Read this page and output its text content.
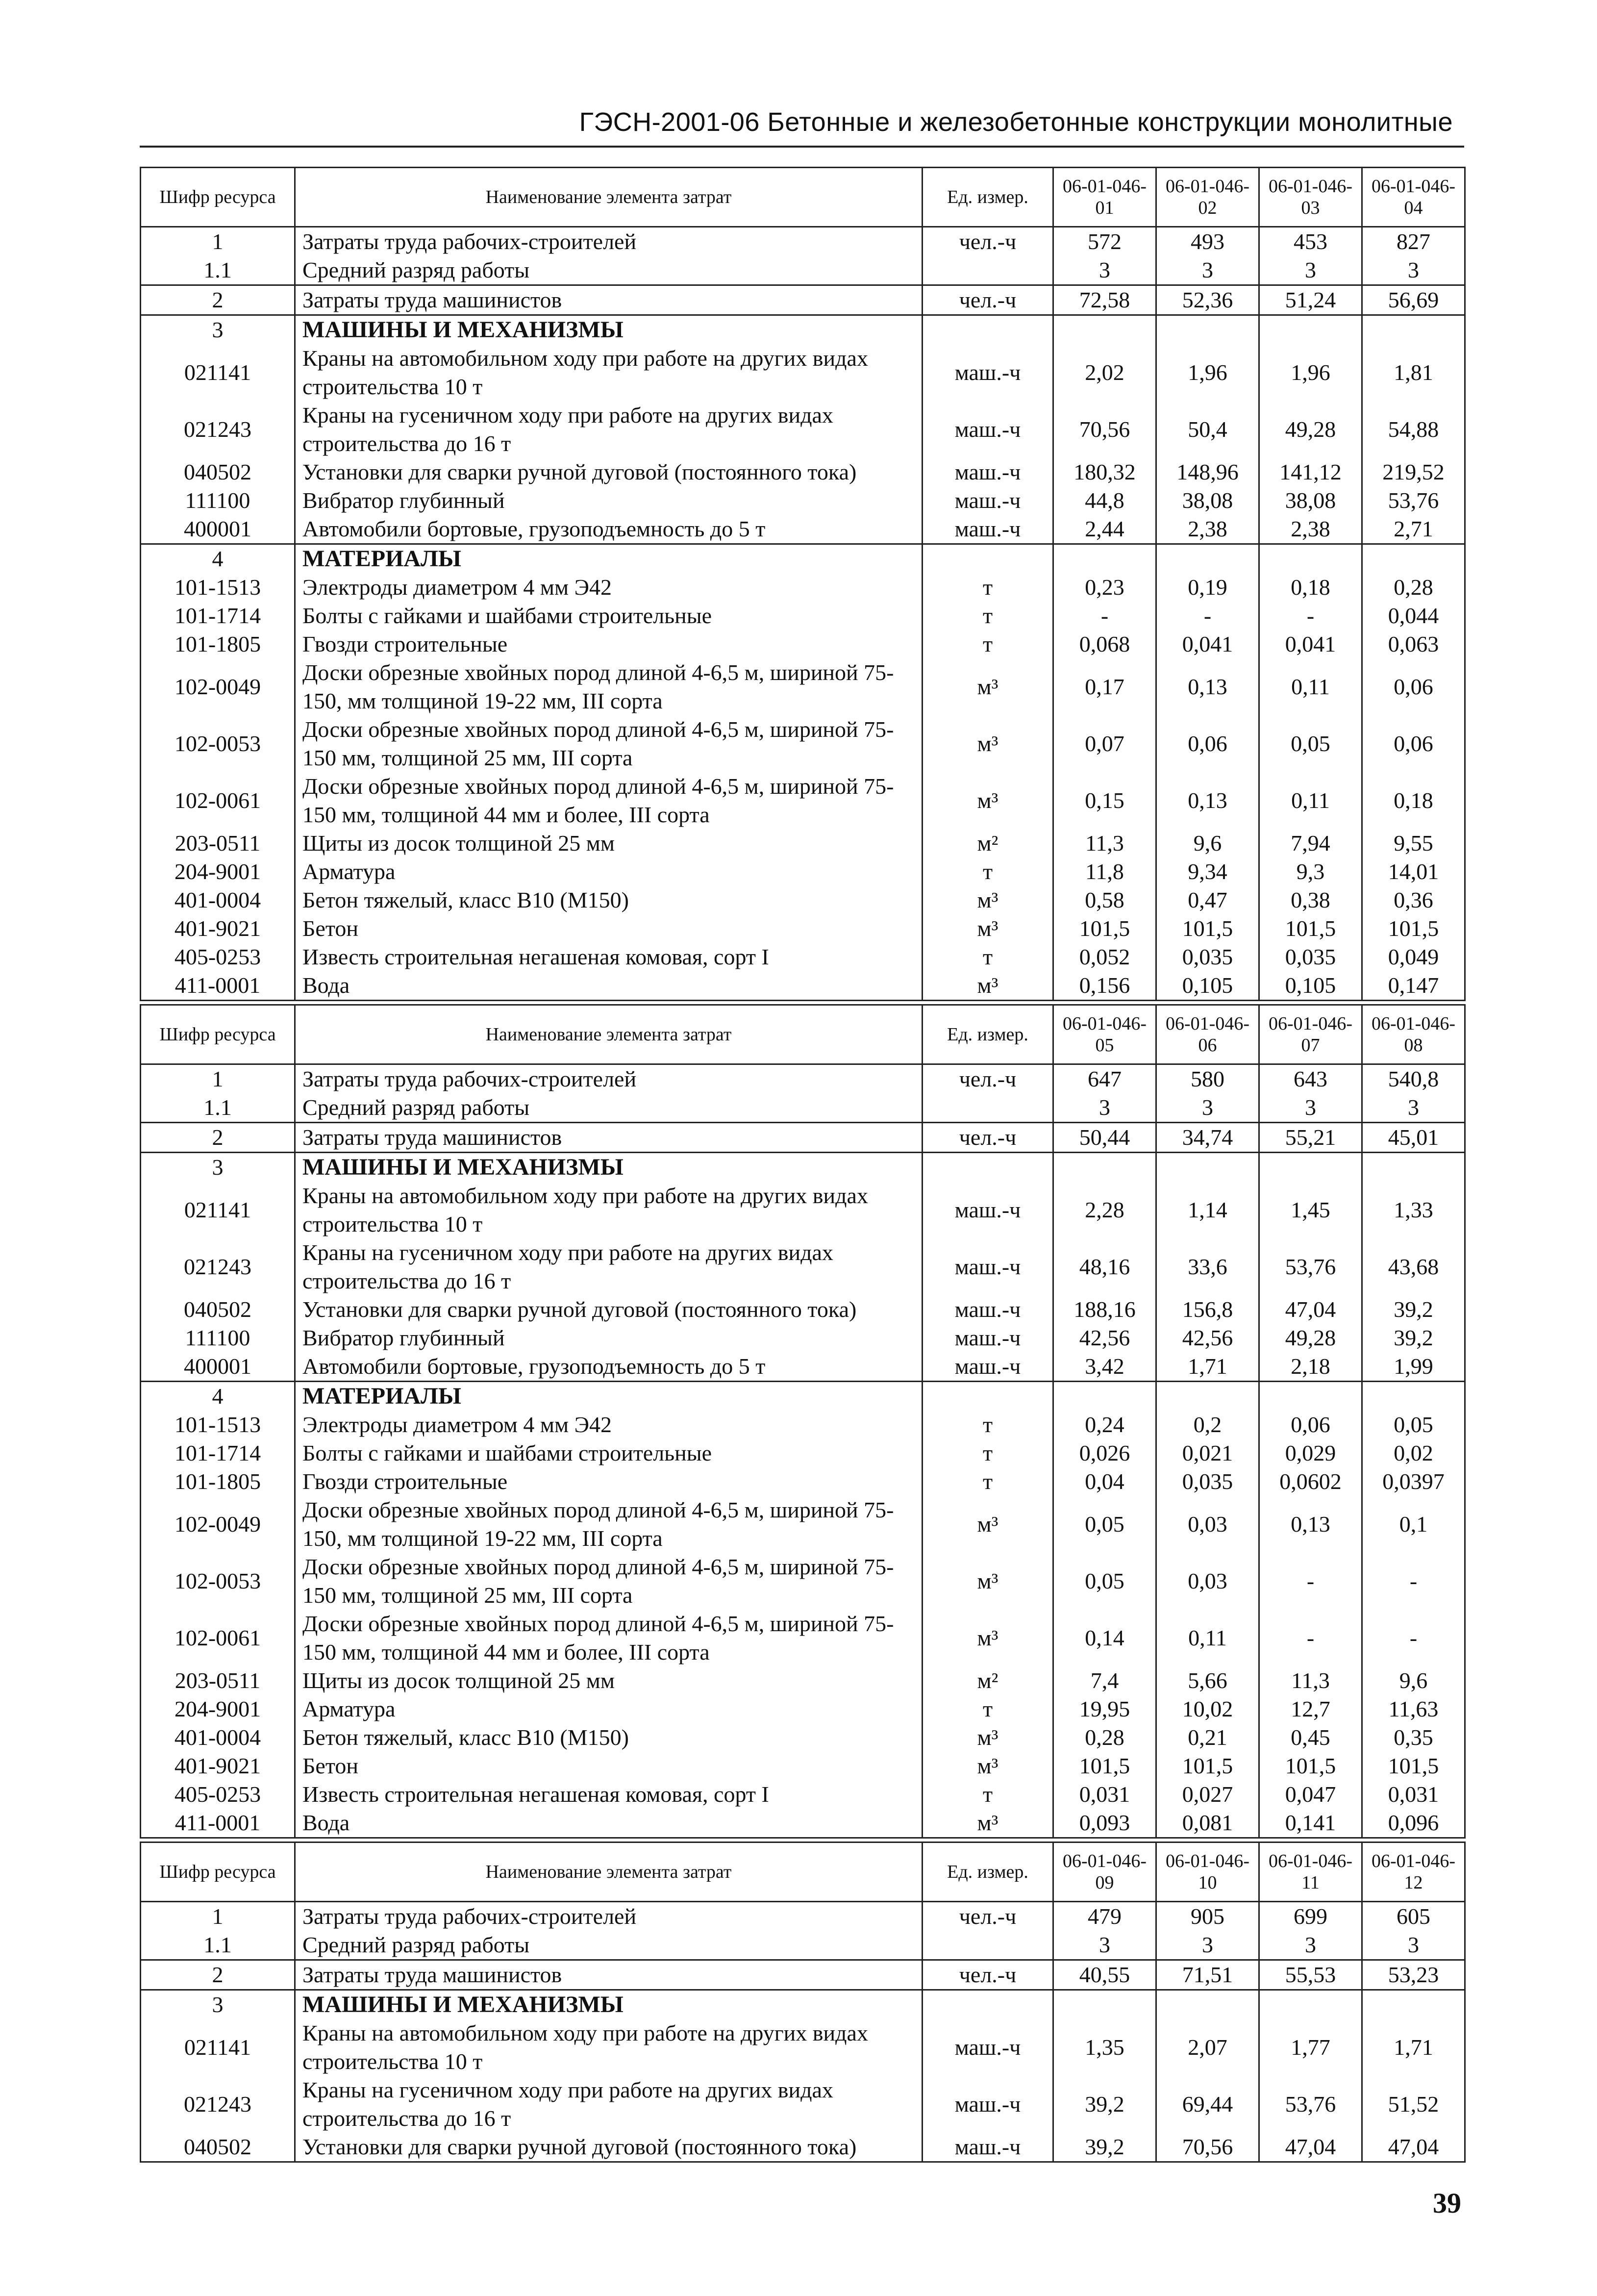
ГЭСН-2001-06 Бетонные и железобетонные конструкции монолитные
Шифр ресурса	Наименование элемента затрат	Ед. измер.	06-01-046-01	06-01-046-02	06-01-046-03	06-01-046-04
1	Затраты труда рабочих-строителей	чел.-ч	572	493	453	827
1.1	Средний разряд работы		3	3	3	3
2	Затраты труда машинистов	чел.-ч	72,58	52,36	51,24	56,69
3	МАШИНЫ И МЕХАНИЗМЫ					
021141	Краны на автомобильном ходу при работе на других видах строительства 10 т	маш.-ч	2,02	1,96	1,96	1,81
021243	Краны на гусеничном ходу при работе на других видах строительства до 16 т	маш.-ч	70,56	50,4	49,28	54,88
040502	Установки для сварки ручной дуговой (постоянного тока)	маш.-ч	180,32	148,96	141,12	219,52
111100	Вибратор глубинный	маш.-ч	44,8	38,08	38,08	53,76
400001	Автомобили бортовые, грузоподъемность до 5 т	маш.-ч	2,44	2,38	2,38	2,71
4	МАТЕРИАЛЫ					
101-1513	Электроды диаметром 4 мм Э42	т	0,23	0,19	0,18	0,28
101-1714	Болты с гайками и шайбами строительные	т	-	-	-	0,044
101-1805	Гвозди строительные	т	0,068	0,041	0,041	0,063
102-0049	Доски обрезные хвойных пород длиной 4-6,5 м, шириной 75-150, мм толщиной 19-22 мм, III сорта	м³	0,17	0,13	0,11	0,06
102-0053	Доски обрезные хвойных пород длиной 4-6,5 м, шириной 75-150 мм, толщиной 25 мм, III сорта	м³	0,07	0,06	0,05	0,06
102-0061	Доски обрезные хвойных пород длиной 4-6,5 м, шириной 75-150 мм, толщиной 44 мм и более, III сорта	м³	0,15	0,13	0,11	0,18
203-0511	Щиты из досок толщиной 25 мм	м²	11,3	9,6	7,94	9,55
204-9001	Арматура	т	11,8	9,34	9,3	14,01
401-0004	Бетон тяжелый, класс В10 (М150)	м³	0,58	0,47	0,38	0,36
401-9021	Бетон	м³	101,5	101,5	101,5	101,5
405-0253	Известь строительная негашеная комовая, сорт I	т	0,052	0,035	0,035	0,049
411-0001	Вода	м³	0,156	0,105	0,105	0,147
Шифр ресурса	Наименование элемента затрат	Ед. измер.	06-01-046-05	06-01-046-06	06-01-046-07	06-01-046-08
1	Затраты труда рабочих-строителей	чел.-ч	647	580	643	540,8
1.1	Средний разряд работы		3	3	3	3
2	Затраты труда машинистов	чел.-ч	50,44	34,74	55,21	45,01
3	МАШИНЫ И МЕХАНИЗМЫ					
021141	Краны на автомобильном ходу при работе на других видах строительства 10 т	маш.-ч	2,28	1,14	1,45	1,33
021243	Краны на гусеничном ходу при работе на других видах строительства до 16 т	маш.-ч	48,16	33,6	53,76	43,68
040502	Установки для сварки ручной дуговой (постоянного тока)	маш.-ч	188,16	156,8	47,04	39,2
111100	Вибратор глубинный	маш.-ч	42,56	42,56	49,28	39,2
400001	Автомобили бортовые, грузоподъемность до 5 т	маш.-ч	3,42	1,71	2,18	1,99
4	МАТЕРИАЛЫ					
101-1513	Электроды диаметром 4 мм Э42	т	0,24	0,2	0,06	0,05
101-1714	Болты с гайками и шайбами строительные	т	0,026	0,021	0,029	0,02
101-1805	Гвозди строительные	т	0,04	0,035	0,0602	0,0397
102-0049	Доски обрезные хвойных пород длиной 4-6,5 м, шириной 75-150, мм толщиной 19-22 мм, III сорта	м³	0,05	0,03	0,13	0,1
102-0053	Доски обрезные хвойных пород длиной 4-6,5 м, шириной 75-150 мм, толщиной 25 мм, III сорта	м³	0,05	0,03	-	-
102-0061	Доски обрезные хвойных пород длиной 4-6,5 м, шириной 75-150 мм, толщиной 44 мм и более, III сорта	м³	0,14	0,11	-	-
203-0511	Щиты из досок толщиной 25 мм	м²	7,4	5,66	11,3	9,6
204-9001	Арматура	т	19,95	10,02	12,7	11,63
401-0004	Бетон тяжелый, класс В10 (М150)	м³	0,28	0,21	0,45	0,35
401-9021	Бетон	м³	101,5	101,5	101,5	101,5
405-0253	Известь строительная негашеная комовая, сорт I	т	0,031	0,027	0,047	0,031
411-0001	Вода	м³	0,093	0,081	0,141	0,096
Шифр ресурса	Наименование элемента затрат	Ед. измер.	06-01-046-09	06-01-046-10	06-01-046-11	06-01-046-12
1	Затраты труда рабочих-строителей	чел.-ч	479	905	699	605
1.1	Средний разряд работы		3	3	3	3
2	Затраты труда машинистов	чел.-ч	40,55	71,51	55,53	53,23
3	МАШИНЫ И МЕХАНИЗМЫ					
021141	Краны на автомобильном ходу при работе на других видах строительства 10 т	маш.-ч	1,35	2,07	1,77	1,71
021243	Краны на гусеничном ходу при работе на других видах строительства до 16 т	маш.-ч	39,2	69,44	53,76	51,52
040502	Установки для сварки ручной дуговой (постоянного тока)	маш.-ч	39,2	70,56	47,04	47,04
39
